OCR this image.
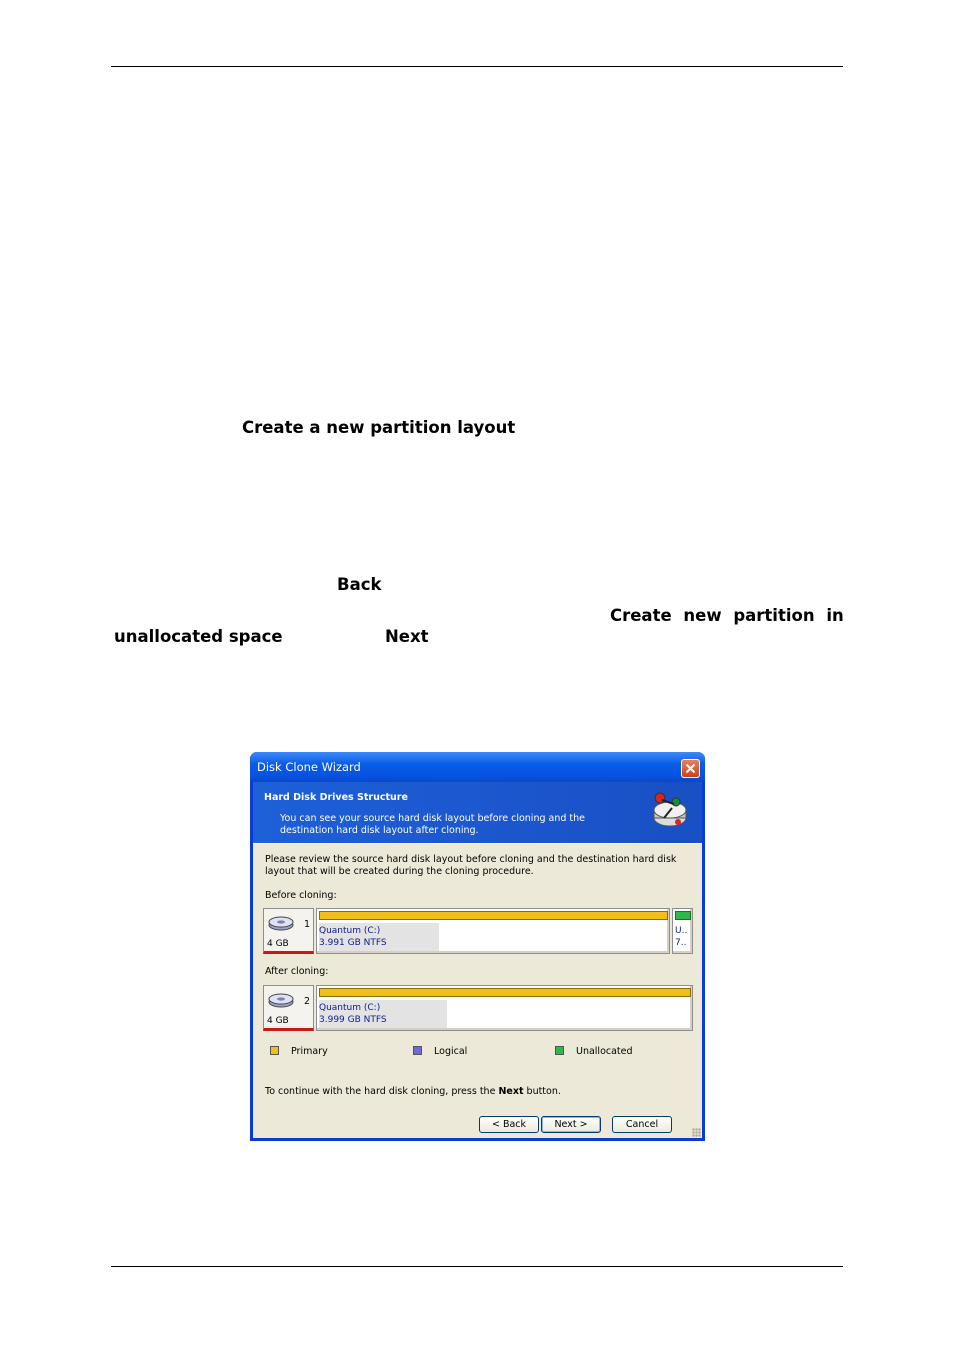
Create a new partition layout
Back
Create new partition in
unallocated space	Next
Disk Clone Wizard
Hard Disk Drives Structure
You can see your source hard disk layout before cloning and the destination hard disk layout after cloning.
Please review the source hard disk layout before cloning and the destination hard disk layout that will be created during the cloning procedure.
Before cloning:
1
4 GB
Quantum (C:)
3.991 GB NTFS
U..
7..
After cloning:
2
4 GB
Quantum (C:)
3.999 GB NTFS
Primary	Logical	Unallocated
To continue with the hard disk cloning, press the Next button.
< Back	Next >	Cancel
